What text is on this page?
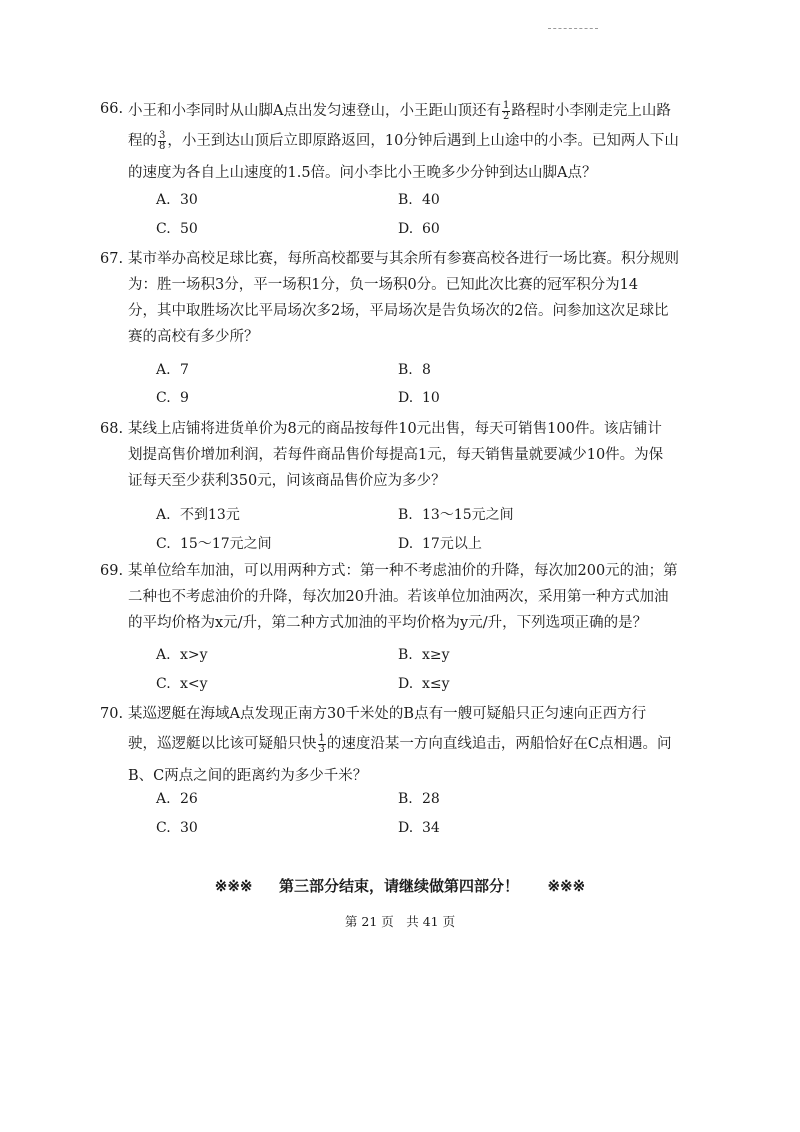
66. 小王和小李同时从山脚A点出发匀速登山，小王距山顶还有 $\frac{1}{2}$ 路程时小李刚走完上山路
程的 $\frac{3}{8}$ ，小王到达山顶后立即原路返回，10分钟后遇到上山途中的小李。已知两人下山
的速度为各自上山速度的1.5倍。问小李比小王晚多少分钟到达山脚A点？
A. 30	B. 40
C. 50	D. 60
67. 某市举办高校足球比赛，每所高校都要与其余所有参赛高校各进行一场比赛。积分规则
为：胜一场积3分，平一场积1分，负一场积0分。已知此次比赛的冠军积分为14
分，其中取胜场次比平局场次多2场，平局场次是告负场次的2倍。问参加这次足球比
赛的高校有多少所？
A. 7	B. 8
C. 9	D. 10
68. 某线上店铺将进货单价为8元的商品按每件10元出售，每天可销售100件。该店铺计
划提高售价增加利润，若每件商品售价每提高1元，每天销售量就要减少10件。为保
证每天至少获利350元，问该商品售价应为多少？
A. 不到13元	B. 13～15元之间
C. 15～17元之间	D. 17元以上
69. 某单位给车加油，可以用两种方式：第一种不考虑油价的升降，每次加200元的油；第
二种也不考虑油价的升降，每次加20升油。若该单位加油两次，采用第一种方式加油
的平均价格为x元/升，第二种方式加油的平均价格为y元/升，下列选项正确的是？
A. x>y	B. x≥y
C. x<y	D. x≤y
70. 某巡逻艇在海域A点发现正南方30千米处的B点有一艘可疑船只正匀速向正西方行
驶，巡逻艇以比该可疑船只快 $\frac{1}{3}$ 的速度沿某一方向直线追击，两船恰好在C点相遇。问
B、C两点之间的距离约为多少千米？
A. 26	B. 28
C. 30	D. 34
※※※ 第三部分结束，请继续做第四部分！ ※※※
第 21 页　共 41 页
